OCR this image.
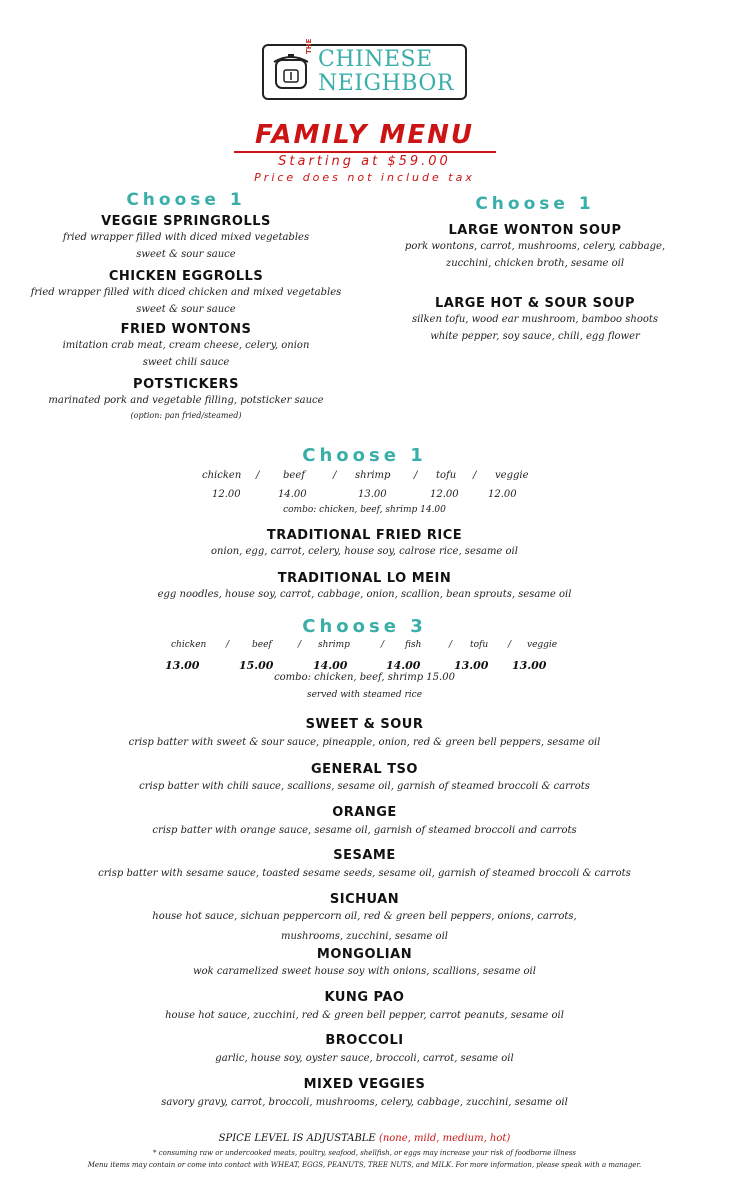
THE
CHINESE
NEIGHBOR
FAMILY MENU
Starting at $59.00
Price does not include tax
Choose 1
VEGGIE SPRINGROLLS
fried wrapper filled with diced mixed vegetables
sweet & sour sauce
CHICKEN EGGROLLS
fried wrapper filled with diced chicken and mixed vegetables
sweet & sour sauce
FRIED WONTONS
imitation crab meat, cream cheese, celery, onion
sweet chili sauce
POTSTICKERS
marinated pork and vegetable filling, potsticker sauce
(option: pan fried/steamed)
Choose 1
LARGE WONTON SOUP
pork wontons, carrot, mushrooms, celery, cabbage,
zucchini, chicken broth, sesame oil
LARGE HOT & SOUR SOUP
silken tofu, wood ear mushroom, bamboo shoots
white pepper, soy sauce, chili, egg flower
Choose 1
chicken / beef	/ shrimp / tofu / veggie
12.00	14.00	13.00	12.00	12.00
combo: chicken, beef, shrimp 14.00
TRADITIONAL FRIED RICE
onion, egg, carrot, celery, house soy, calrose rice, sesame oil
TRADITIONAL LO MEIN
egg noodles, house soy, carrot, cabbage, onion, scallion, bean sprouts, sesame oil
Choose 3
chicken /	beef	/ shrimp	/ fish	/ tofu / veggie
13.00	15.00	14.00	14.00	13.00 13.00
combo: chicken, beef, shrimp 15.00
served with steamed rice
SWEET & SOUR
crisp batter with sweet & sour sauce, pineapple, onion, red & green bell peppers, sesame oil
GENERAL TSO
crisp batter with chili sauce, scallions, sesame oil, garnish of steamed broccoli & carrots
ORANGE
crisp batter with orange sauce, sesame oil, garnish of steamed broccoli and carrots
SESAME
crisp batter with sesame sauce, toasted sesame seeds, sesame oil, garnish of steamed broccoli & carrots
SICHUAN
house hot sauce, sichuan peppercorn oil, red & green bell peppers, onions, carrots,
mushrooms, zucchini, sesame oil
MONGOLIAN
wok caramelized sweet house soy with onions, scallions, sesame oil
KUNG PAO
house hot sauce, zucchini, red & green bell pepper, carrot peanuts, sesame oil
BROCCOLI
garlic, house soy, oyster sauce, broccoli, carrot, sesame oil
MIXED VEGGIES
savory gravy, carrot, broccoli, mushrooms, celery, cabbage, zucchini, sesame oil
SPICE LEVEL IS ADJUSTABLE (none, mild, medium, hot)
* consuming raw or undercooked meats, poultry, seafood, shellfish, or eggs may increase your risk of foodborne illness
Menu items may contain or come into contact with WHEAT, EGGS, PEANUTS, TREE NUTS, and MILK. For more information, please speak with a manager.
